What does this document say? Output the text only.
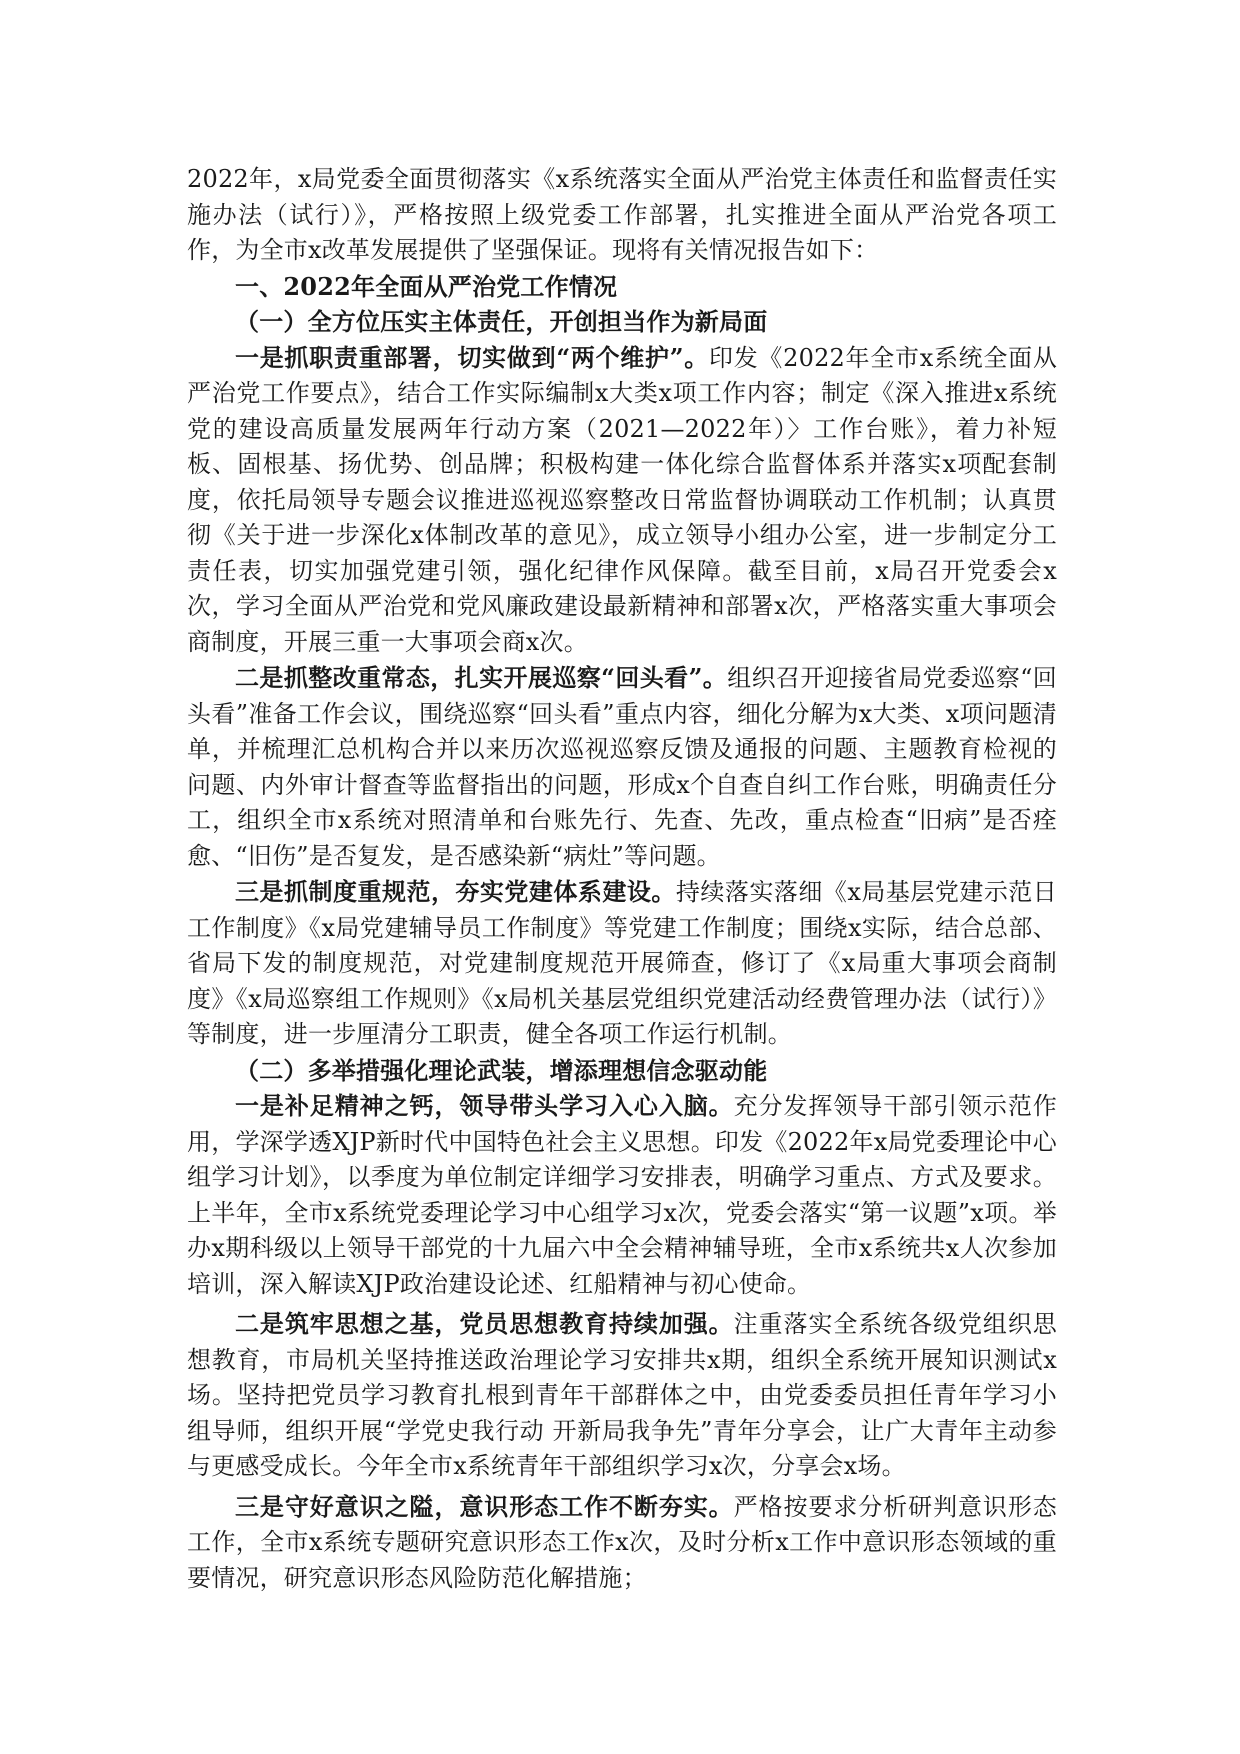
2022年，x局党委全面贯彻落实《x系统落实全面从严治党主体责任和监督责任实施办法（试行）》，严格按照上级党委工作部署，扎实推进全面从严治党各项工作，为全市x改革发展提供了坚强保证。现将有关情况报告如下：

一、2022年全面从严治党工作情况

（一）全方位压实主体责任，开创担当作为新局面

一是抓职责重部署，切实做到“两个维护”。印发《2022年全市x系统全面从严治党工作要点》，结合工作实际编制x大类x项工作内容；制定《深入推进x系统党的建设高质量发展两年行动方案（2021—2022年）〉工作台账》，着力补短板、固根基、扬优势、创品牌；积极构建一体化综合监督体系并落实x项配套制度，依托局领导专题会议推进巡视巡察整改日常监督协调联动工作机制；认真贯彻《关于进一步深化x体制改革的意见》，成立领导小组办公室，进一步制定分工责任表，切实加强党建引领，强化纪律作风保障。截至目前，x局召开党委会x次，学习全面从严治党和党风廉政建设最新精神和部署x次，严格落实重大事项会商制度，开展三重一大事项会商x次。

二是抓整改重常态，扎实开展巡察“回头看”。组织召开迎接省局党委巡察“回头看”准备工作会议，围绕巡察“回头看”重点内容，细化分解为x大类、x项问题清单，并梳理汇总机构合并以来历次巡视巡察反馈及通报的问题、主题教育检视的问题、内外审计督查等监督指出的问题，形成x个自查自纠工作台账，明确责任分工，组织全市x系统对照清单和台账先行、先查、先改，重点检查“旧病”是否痊愈、“旧伤”是否复发，是否感染新“病灶”等问题。

三是抓制度重规范，夯实党建体系建设。持续落实落细《x局基层党建示范日工作制度》《x局党建辅导员工作制度》等党建工作制度；围绕x实际，结合总部、省局下发的制度规范，对党建制度规范开展筛查，修订了《x局重大事项会商制度》《x局巡察组工作规则》《x局机关基层党组织党建活动经费管理办法（试行）》等制度，进一步厘清分工职责，健全各项工作运行机制。

（二）多举措强化理论武装，增添理想信念驱动能

一是补足精神之钙，领导带头学习入心入脑。充分发挥领导干部引领示范作用，学深学透XJP新时代中国特色社会主义思想。印发《2022年x局党委理论中心组学习计划》，以季度为单位制定详细学习安排表，明确学习重点、方式及要求。上半年，全市x系统党委理论学习中心组学习x次，党委会落实“第一议题”x项。举办x期科级以上领导干部党的十九届六中全会精神辅导班，全市x系统共x人次参加培训，深入解读XJP政治建设论述、红船精神与初心使命。

二是筑牢思想之基，党员思想教育持续加强。注重落实全系统各级党组织思想教育，市局机关坚持推送政治理论学习安排共x期，组织全系统开展知识测试x场。坚持把党员学习教育扎根到青年干部群体之中，由党委委员担任青年学习小组导师，组织开展“学党史我行动 开新局我争先”青年分享会，让广大青年主动参与更感受成长。今年全市x系统青年干部组织学习x次，分享会x场。

三是守好意识之隘，意识形态工作不断夯实。严格按要求分析研判意识形态工作，全市x系统专题研究意识形态工作x次，及时分析x工作中意识形态领域的重要情况，研究意识形态风险防范化解措施；
